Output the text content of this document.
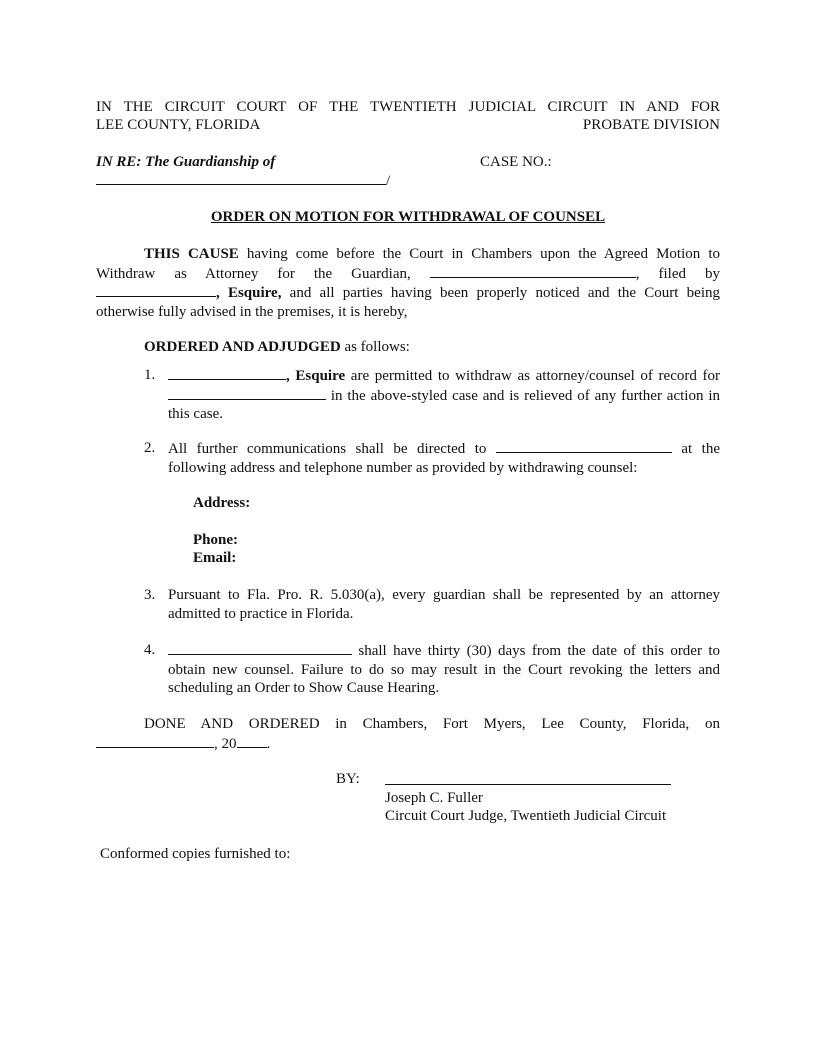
IN THE CIRCUIT COURT OF THE TWENTIETH JUDICIAL CIRCUIT IN AND FOR
LEE COUNTY, FLORIDA	PROBATE DIVISION
IN RE: The Guardianship of	CASE NO.:
/
ORDER ON MOTION FOR WITHDRAWAL OF COUNSEL
THIS CAUSE having come before the Court in Chambers upon the Agreed Motion to Withdraw as Attorney for the Guardian,	, filed by , Esquire, and all parties having been properly noticed and the Court being otherwise fully advised in the premises, it is hereby,
ORDERED AND ADJUDGED as follows:
1.	, Esquire are permitted to withdraw as attorney/counsel of record for  in the above-styled case and is relieved of any further action in this case.
2. All further communications shall be directed to	at the following address and telephone number as provided by withdrawing counsel:
Address:
Phone:
Email:
3. Pursuant to Fla. Pro. R. 5.030(a), every guardian shall be represented by an attorney admitted to practice in Florida.
4.	shall have thirty (30) days from the date of this order to obtain new counsel. Failure to do so may result in the Court revoking the letters and scheduling an Order to Show Cause Hearing.
DONE AND ORDERED in Chambers, Fort Myers, Lee County, Florida, on , 20 .
BY:
Joseph C. Fuller
Circuit Court Judge, Twentieth Judicial Circuit
Conformed copies furnished to:
